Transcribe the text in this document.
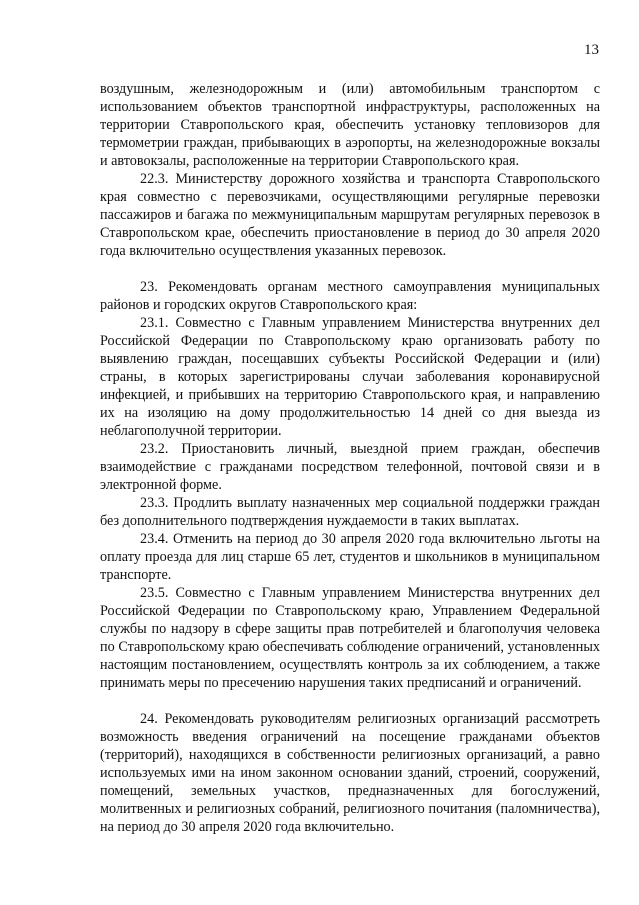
13

воздушным, железнодорожным и (или) автомобильным транспортом с использованием объектов транспортной инфраструктуры, расположенных на территории Ставропольского края, обеспечить установку тепловизоров для термометрии граждан, прибывающих в аэропорты, на железнодорожные вокзалы и автовокзалы, расположенные на территории Ставропольского края.

22.3. Министерству дорожного хозяйства и транспорта Ставропольского края совместно с перевозчиками, осуществляющими регулярные перевозки пассажиров и багажа по межмуниципальным маршрутам регулярных перевозок в Ставропольском крае, обеспечить приостановление в период до 30 апреля 2020 года включительно осуществления указанных перевозок.

23. Рекомендовать органам местного самоуправления муниципальных районов и городских округов Ставропольского края:

23.1. Совместно с Главным управлением Министерства внутренних дел Российской Федерации по Ставропольскому краю организовать работу по выявлению граждан, посещавших субъекты Российской Федерации и (или) страны, в которых зарегистрированы случаи заболевания коронавирусной инфекцией, и прибывших на территорию Ставропольского края, и направлению их на изоляцию на дому продолжительностью 14 дней со дня выезда из неблагополучной территории.

23.2. Приостановить личный, выездной прием граждан, обеспечив взаимодействие с гражданами посредством телефонной, почтовой связи и в электронной форме.

23.3. Продлить выплату назначенных мер социальной поддержки граждан без дополнительного подтверждения нуждаемости в таких выплатах.

23.4. Отменить на период до 30 апреля 2020 года включительно льготы на оплату проезда для лиц старше 65 лет, студентов и школьников в муниципальном транспорте.

23.5. Совместно с Главным управлением Министерства внутренних дел Российской Федерации по Ставропольскому краю, Управлением Федеральной службы по надзору в сфере защиты прав потребителей и благополучия человека по Ставропольскому краю обеспечивать соблюдение ограничений, установленных настоящим постановлением, осуществлять контроль за их соблюдением, а также принимать меры по пресечению нарушения таких предписаний и ограничений.

24. Рекомендовать руководителям религиозных организаций рассмотреть возможность введения ограничений на посещение гражданами объектов (территорий), находящихся в собственности религиозных организаций, а равно используемых ими на ином законном основании зданий, строений, сооружений, помещений, земельных участков, предназначенных для богослужений, молитвенных и религиозных собраний, религиозного почитания (паломничества), на период до 30 апреля 2020 года включительно.
